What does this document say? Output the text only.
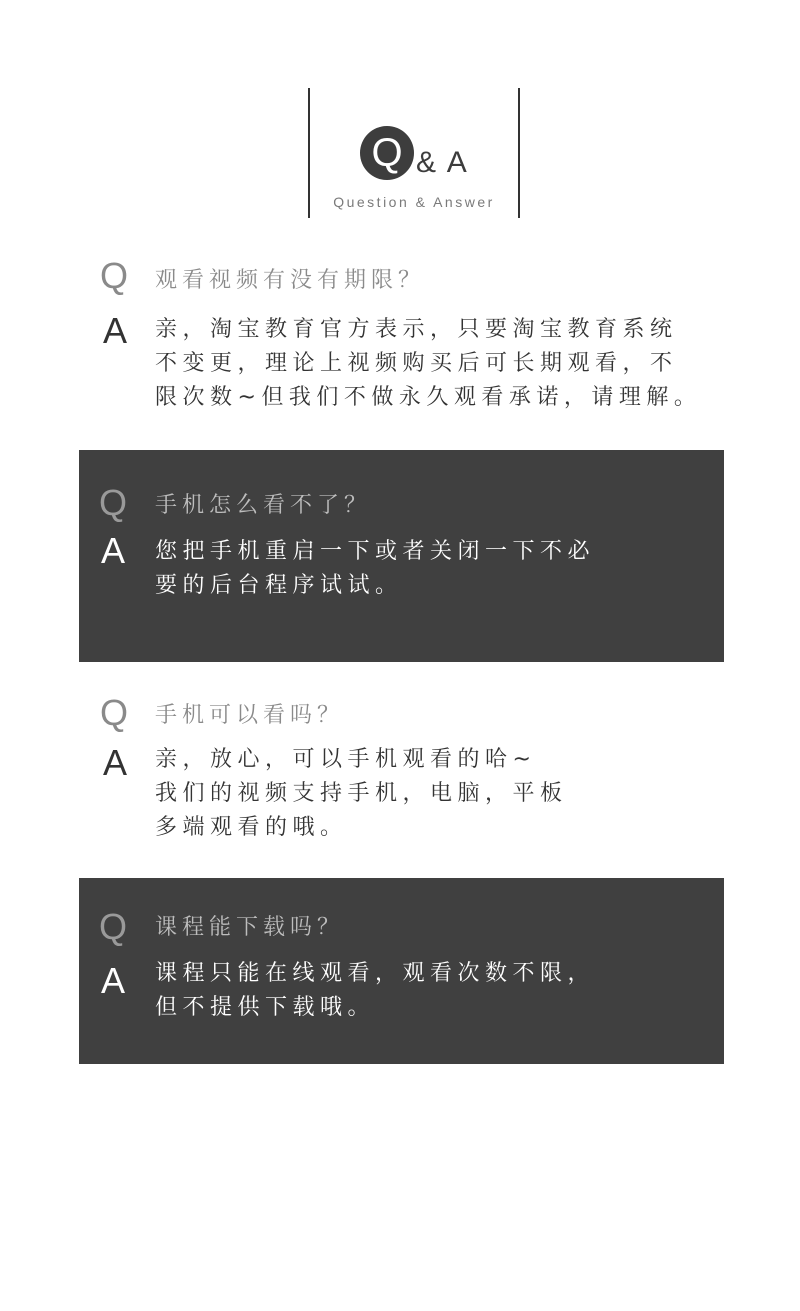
Q & A
Question & Answer
Q 观看视频有没有期限？
A 亲，淘宝教育官方表示，只要淘宝教育系统
不变更，理论上视频购买后可长期观看，不
限次数~但我们不做永久观看承诺，请理解。
Q 手机怎么看不了？
A 您把手机重启一下或者关闭一下不必
要的后台程序试试。
Q 手机可以看吗？
A 亲，放心，可以手机观看的哈~
我们的视频支持手机，电脑，平板
多端观看的哦。
Q 课程能下载吗？
A 课程只能在线观看，观看次数不限，
但不提供下载哦。
